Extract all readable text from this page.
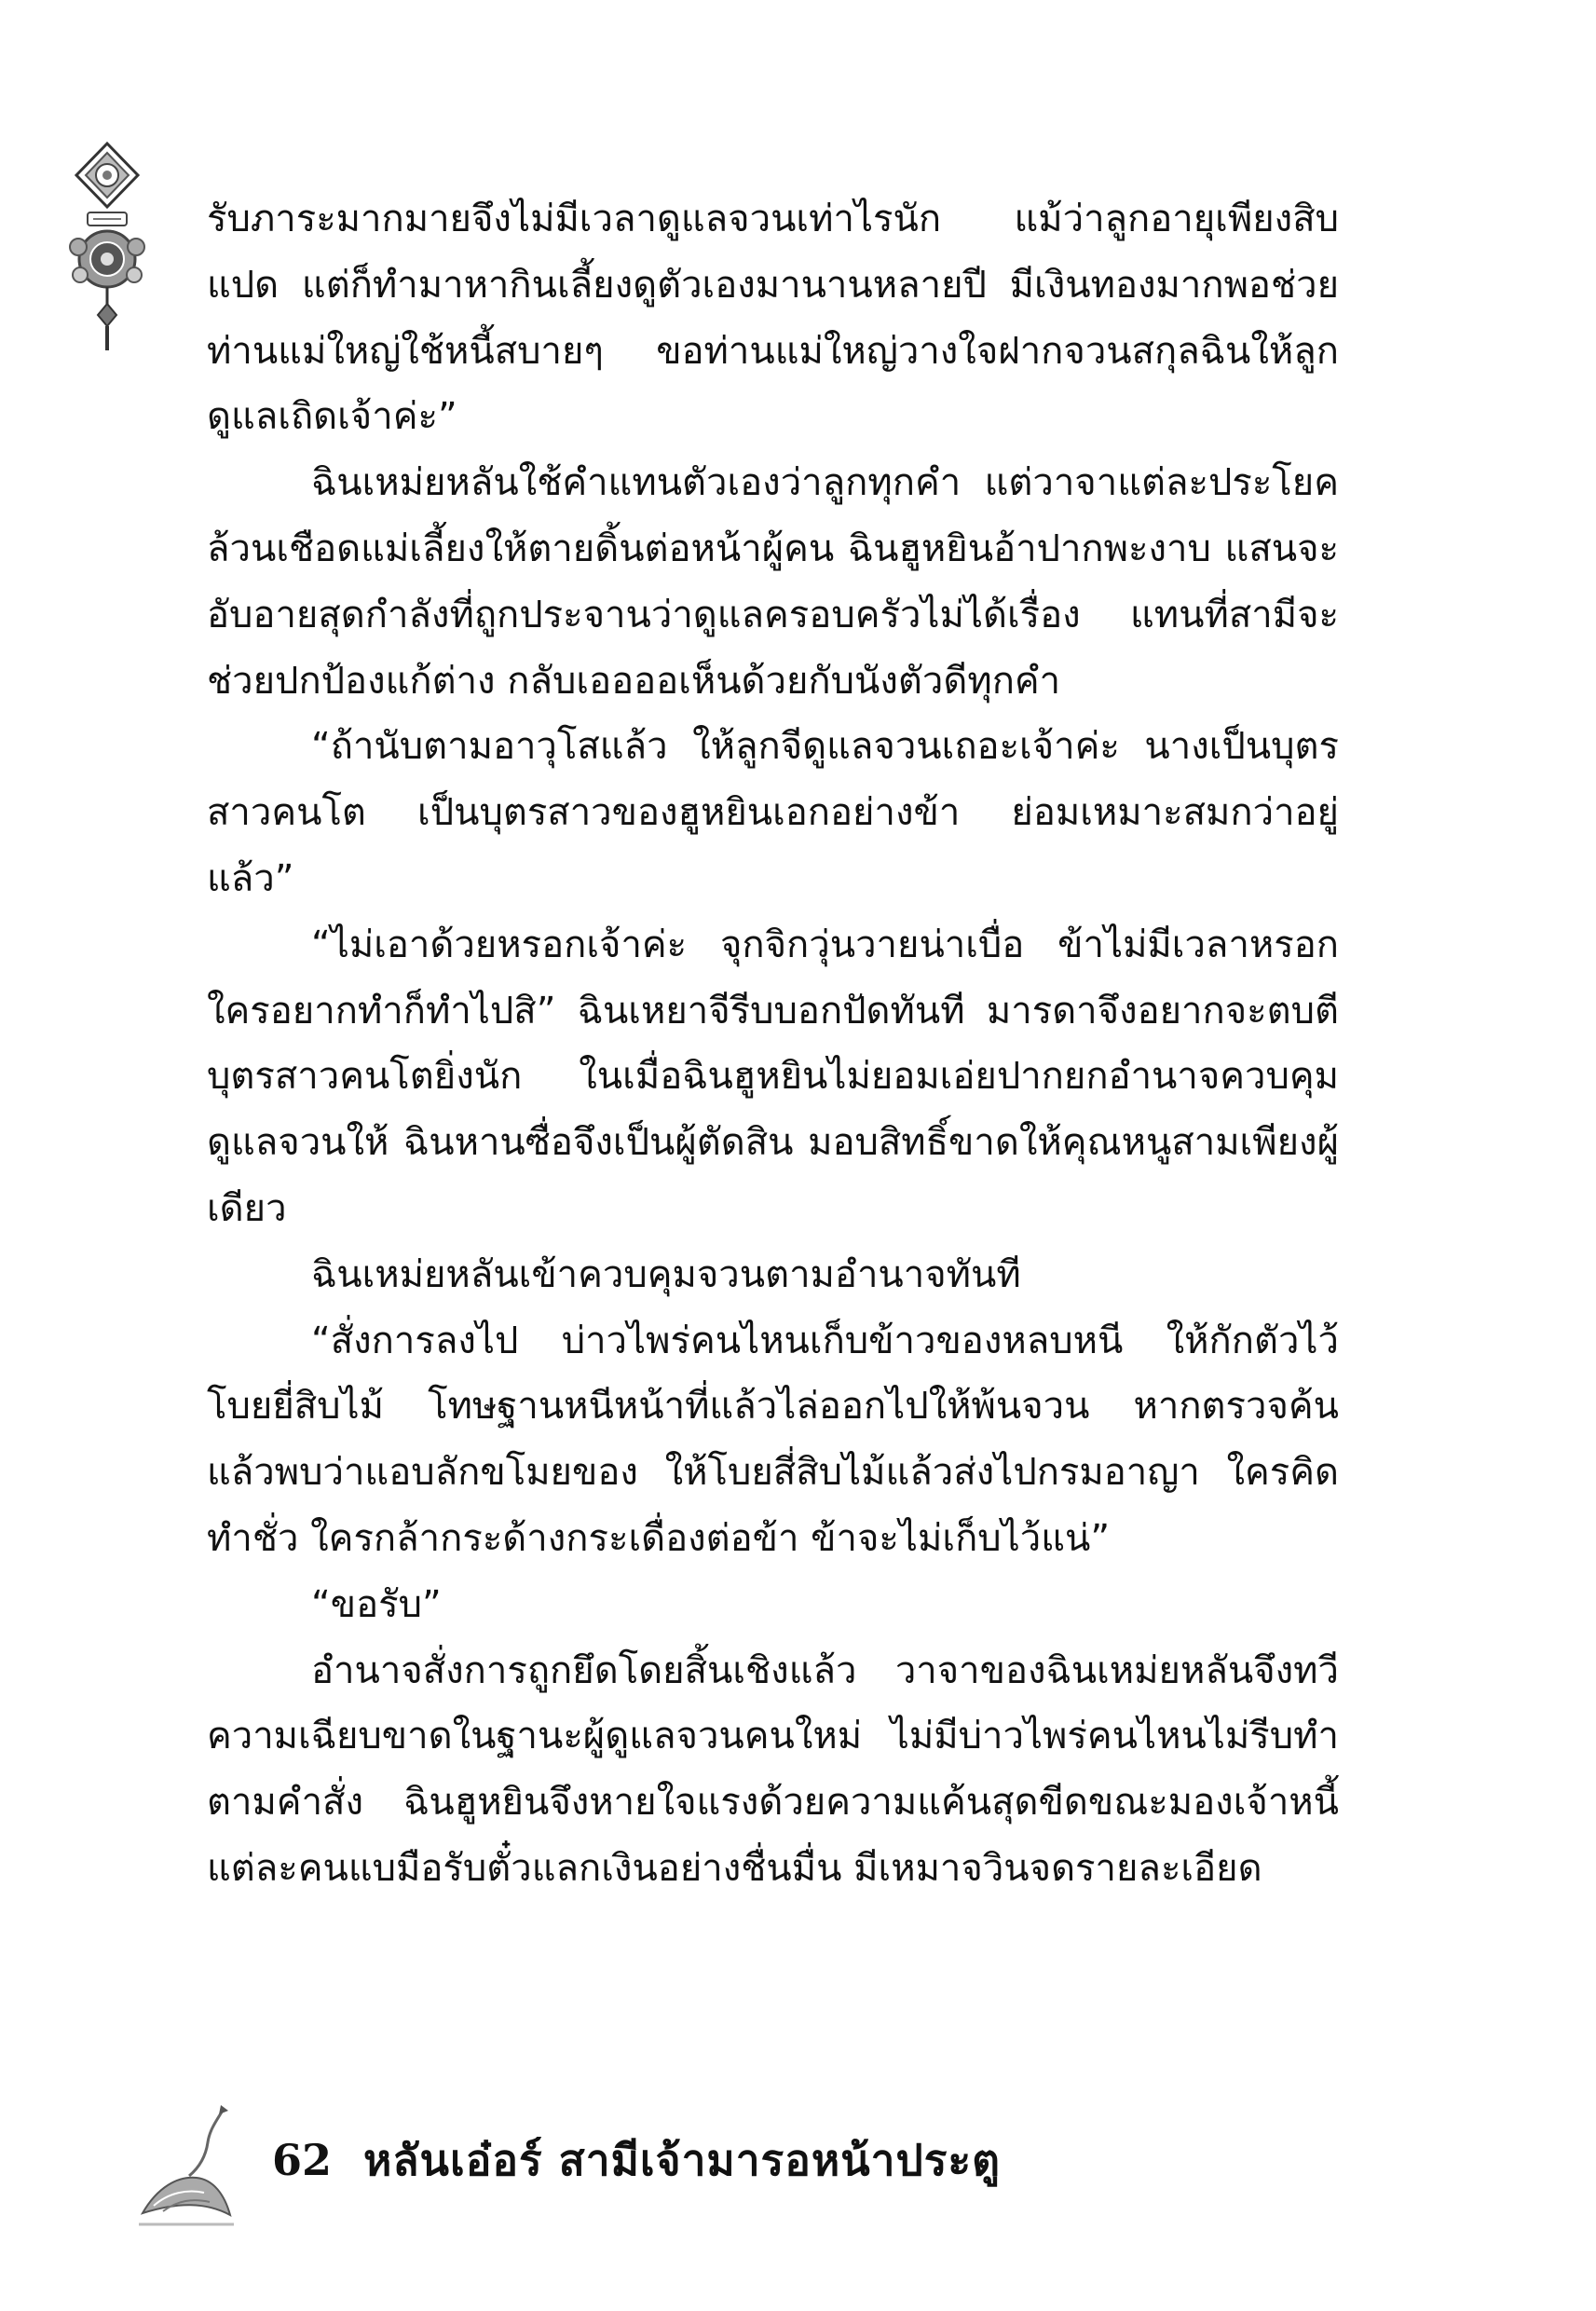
รับภาระมากมายจึงไม่มีเวลาดูแลจวนเท่าไรนัก แม้ว่าลูกอายุเพียงสิบแปด แต่ก็ทำมาหากินเลี้ยงดูตัวเองมานานหลายปี มีเงินทองมากพอช่วยท่านแม่ใหญ่ใช้หนี้สบายๆ ขอท่านแม่ใหญ่วางใจฝากจวนสกุลฉินให้ลูกดูแลเถิดเจ้าค่ะ”

ฉินเหม่ยหลันใช้คำแทนตัวเองว่าลูกทุกคำ แต่วาจาแต่ละประโยคล้วนเชือดแม่เลี้ยงให้ตายดิ้นต่อหน้าผู้คน ฉินฮูหยินอ้าปากพะงาบ แสนจะอับอายสุดกำลังที่ถูกประจานว่าดูแลครอบครัวไม่ได้เรื่อง แทนที่สามีจะช่วยปกป้องแก้ต่าง กลับเออออเห็นด้วยกับนังตัวดีทุกคำ

“ถ้านับตามอาวุโสแล้ว ให้ลูกจีดูแลจวนเถอะเจ้าค่ะ นางเป็นบุตรสาวคนโต เป็นบุตรสาวของฮูหยินเอกอย่างข้า ย่อมเหมาะสมกว่าอยู่แล้ว”

“ไม่เอาด้วยหรอกเจ้าค่ะ จุกจิกวุ่นวายน่าเบื่อ ข้าไม่มีเวลาหรอกใครอยากทำก็ทำไปสิ” ฉินเหยาจีรีบบอกปัดทันที มารดาจึงอยากจะตบตีบุตรสาวคนโตยิ่งนัก ในเมื่อฉินฮูหยินไม่ยอมเอ่ยปากยกอำนาจควบคุมดูแลจวนให้ ฉินหานซื่อจึงเป็นผู้ตัดสิน มอบสิทธิ์ขาดให้คุณหนูสามเพียงผู้เดียว

ฉินเหม่ยหลันเข้าควบคุมจวนตามอำนาจทันที

“สั่งการลงไป บ่าวไพร่คนไหนเก็บข้าวของหลบหนี ให้กักตัวไว้โบยยี่สิบไม้ โทษฐานหนีหน้าที่แล้วไล่ออกไปให้พ้นจวน หากตรวจค้นแล้วพบว่าแอบลักขโมยของ ให้โบยสี่สิบไม้แล้วส่งไปกรมอาญา ใครคิดทำชั่ว ใครกล้ากระด้างกระเดื่องต่อข้า ข้าจะไม่เก็บไว้แน่”

“ขอรับ”

อำนาจสั่งการถูกยึดโดยสิ้นเชิงแล้ว วาจาของฉินเหม่ยหลันจึงทวีความเฉียบขาดในฐานะผู้ดูแลจวนคนใหม่ ไม่มีบ่าวไพร่คนไหนไม่รีบทำตามคำสั่ง ฉินฮูหยินจึงหายใจแรงด้วยความแค้นสุดขีดขณะมองเจ้าหนี้แต่ละคนแบมือรับตั๋วแลกเงินอย่างชื่นมื่น มีเหมาจวินจดรายละเอียด

62 หลันเอ๋อร์ สามีเจ้ามารอหน้าประตู
